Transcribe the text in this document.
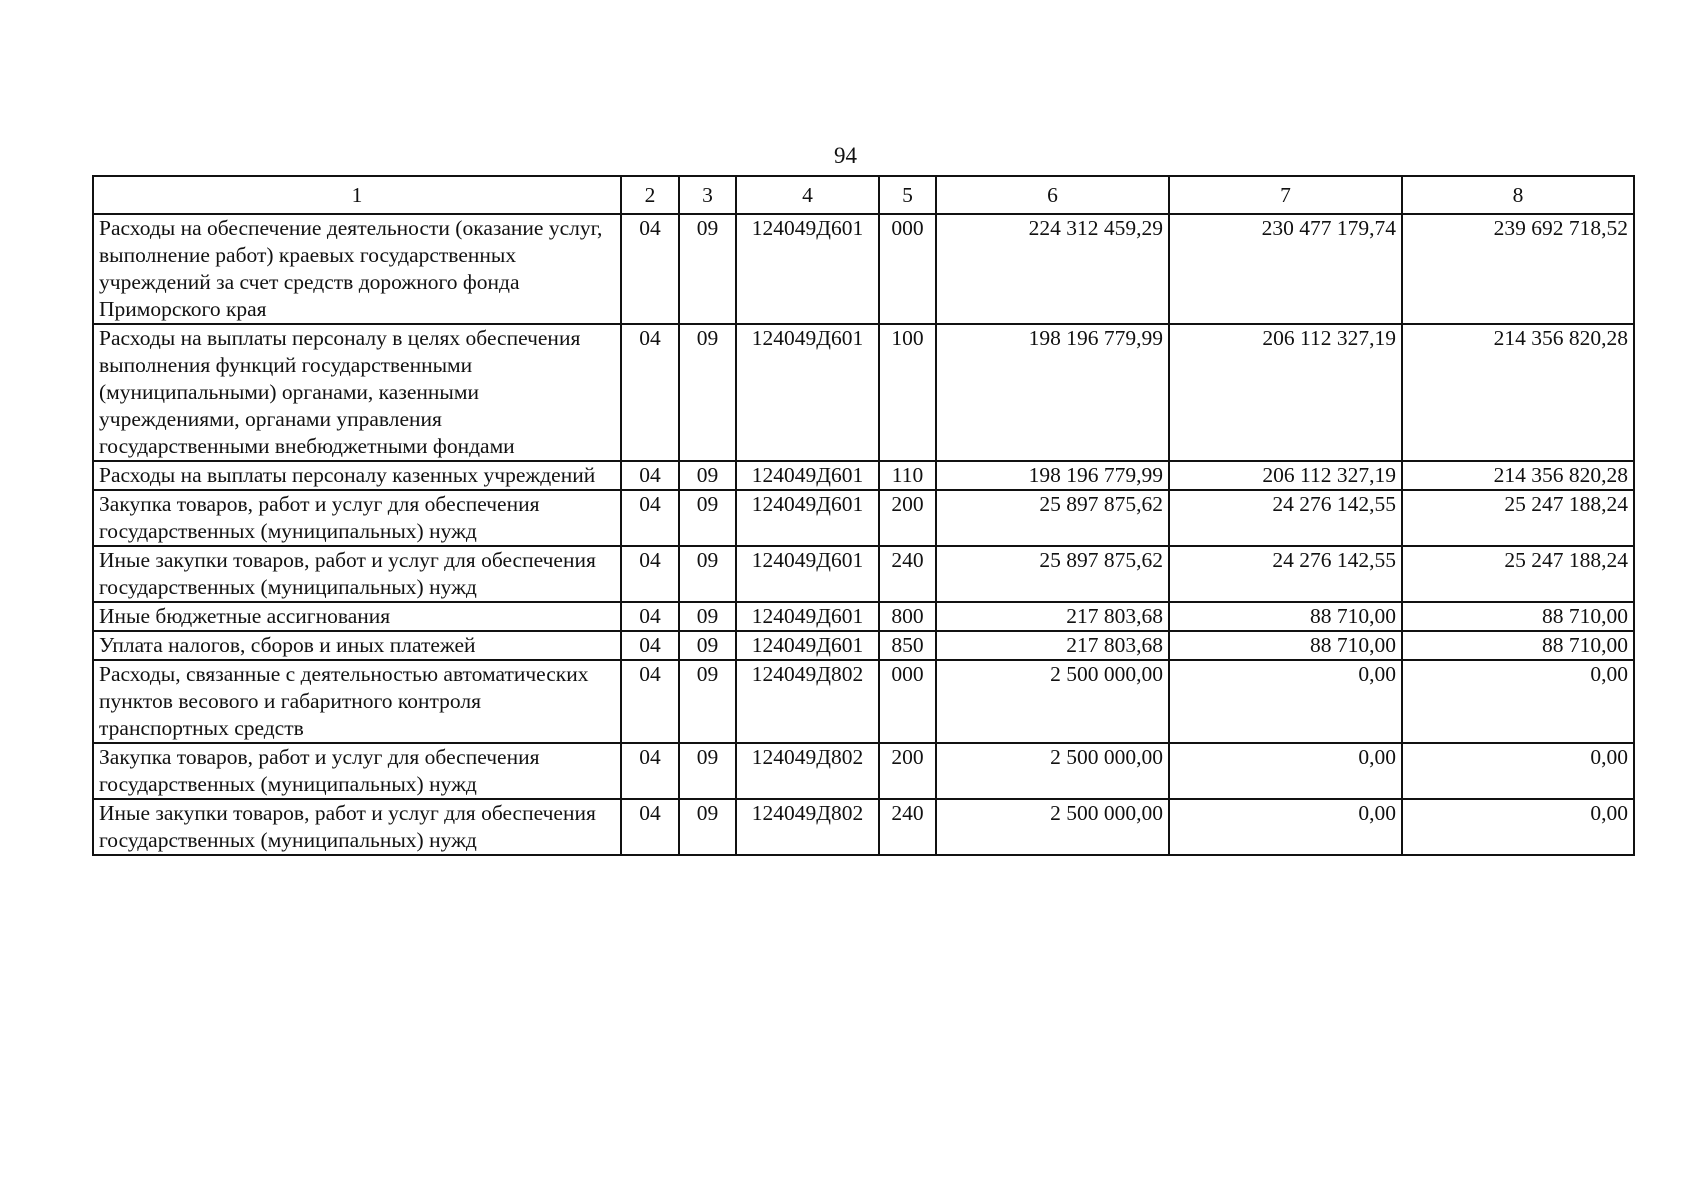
94
1	2	3	4	5	6	7	8
Расходы на обеспечение деятельности (оказание услуг, выполнение работ) краевых государственных учреждений за счет средств дорожного фонда Приморского края	04	09	124049Д601	000	224 312 459,29	230 477 179,74	239 692 718,52
Расходы на выплаты персоналу в целях обеспечения выполнения функций государственными (муниципальными) органами, казенными учреждениями, органами управления государственными внебюджетными фондами	04	09	124049Д601	100	198 196 779,99	206 112 327,19	214 356 820,28
Расходы на выплаты персоналу казенных учреждений	04	09	124049Д601	110	198 196 779,99	206 112 327,19	214 356 820,28
Закупка товаров, работ и услуг для обеспечения государственных (муниципальных) нужд	04	09	124049Д601	200	25 897 875,62	24 276 142,55	25 247 188,24
Иные закупки товаров, работ и услуг для обеспечения государственных (муниципальных) нужд	04	09	124049Д601	240	25 897 875,62	24 276 142,55	25 247 188,24
Иные бюджетные ассигнования	04	09	124049Д601	800	217 803,68	88 710,00	88 710,00
Уплата налогов, сборов и иных платежей	04	09	124049Д601	850	217 803,68	88 710,00	88 710,00
Расходы, связанные с деятельностью автоматических пунктов весового и габаритного контроля транспортных средств	04	09	124049Д802	000	2 500 000,00	0,00	0,00
Закупка товаров, работ и услуг для обеспечения государственных (муниципальных) нужд	04	09	124049Д802	200	2 500 000,00	0,00	0,00
Иные закупки товаров, работ и услуг для обеспечения государственных (муниципальных) нужд	04	09	124049Д802	240	2 500 000,00	0,00	0,00
